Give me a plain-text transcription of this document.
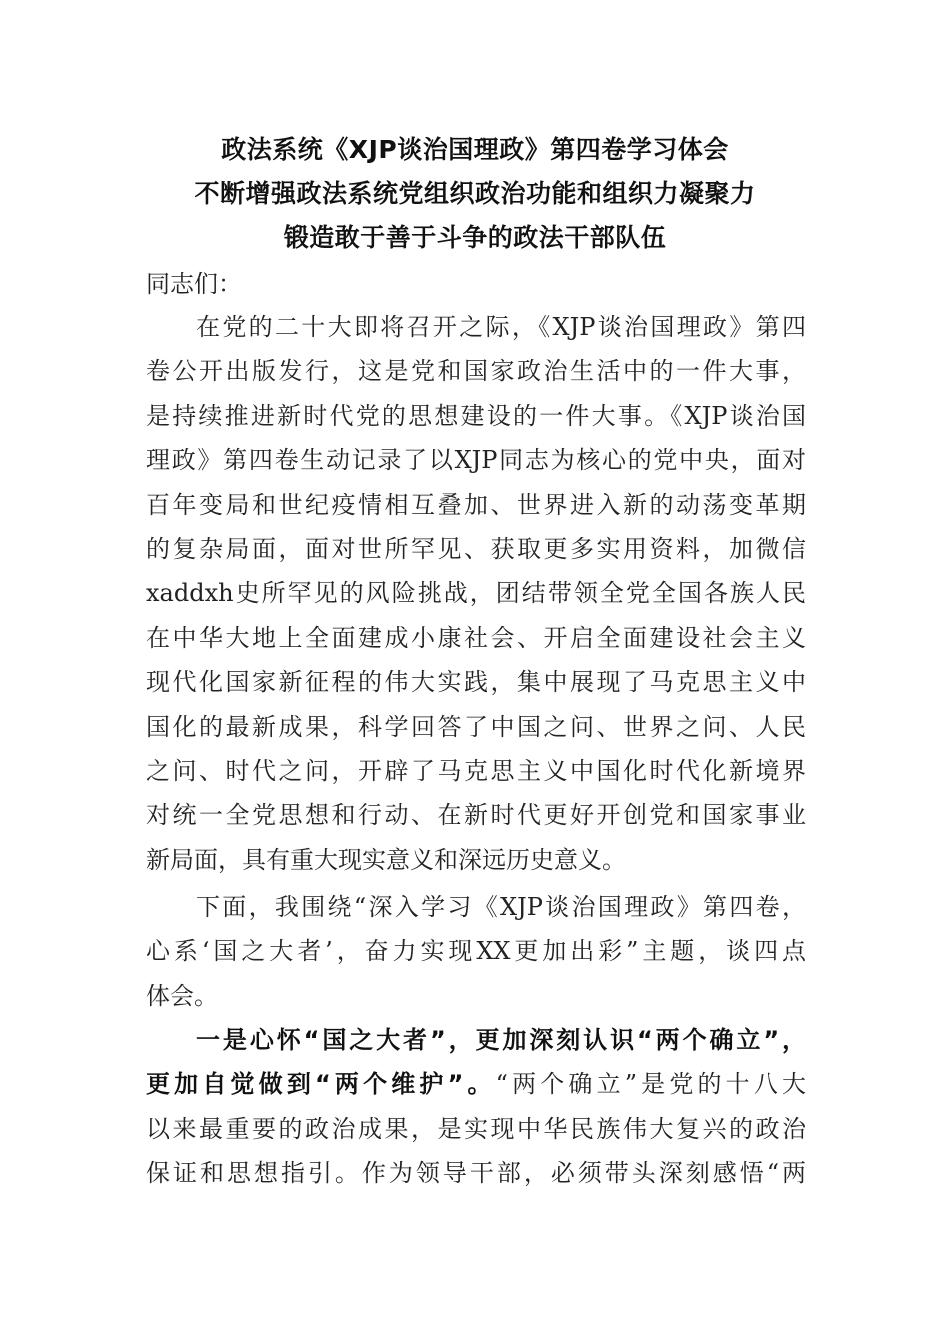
政法系统《XJP谈治国理政》第四卷学习体会
不断增强政法系统党组织政治功能和组织力凝聚力
锻造敢于善于斗争的政法干部队伍
同志们：
在党的二十大即将召开之际，《XJP谈治国理政》第四
卷公开出版发行，这是党和国家政治生活中的一件大事，
是持续推进新时代党的思想建设的一件大事。《XJP谈治国
理政》第四卷生动记录了以XJP同志为核心的党中央，面对
百年变局和世纪疫情相互叠加、世界进入新的动荡变革期
的复杂局面，面对世所罕见、获取更多实用资料，加微信
xaddxh史所罕见的风险挑战，团结带领全党全国各族人民
在中华大地上全面建成小康社会、开启全面建设社会主义
现代化国家新征程的伟大实践，集中展现了马克思主义中
国化的最新成果，科学回答了中国之问、世界之问、人民
之问、时代之问，开辟了马克思主义中国化时代化新境界
对统一全党思想和行动、在新时代更好开创党和国家事业
新局面，具有重大现实意义和深远历史意义。
下面，我围绕“深入学习《XJP谈治国理政》第四卷，
心系‘国之大者’，奋力实现XX更加出彩”主题，谈四点
体会。
一是心怀“国之大者”，更加深刻认识“两个确立”，
更加自觉做到“两个维护”。“两个确立”是党的十八大
以来最重要的政治成果，是实现中华民族伟大复兴的政治
保证和思想指引。作为领导干部，必须带头深刻感悟“两
